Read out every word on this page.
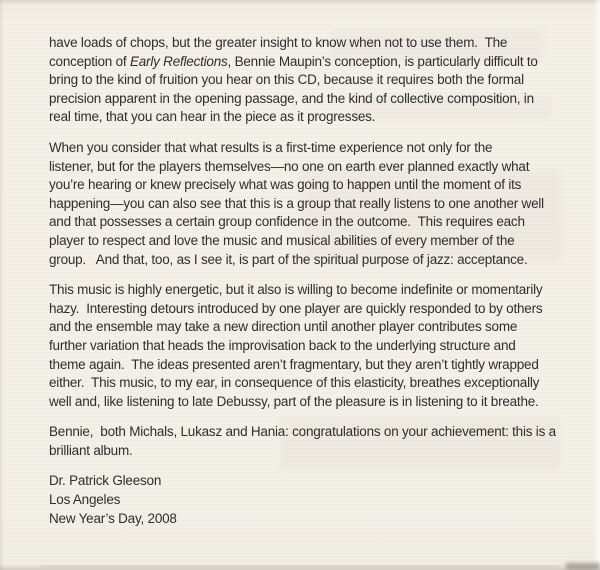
have loads of chops, but the greater insight to know when not to use them.  The
conception of Early Reflections, Bennie Maupin’s conception, is particularly difficult to
bring to the kind of fruition you hear on this CD, because it requires both the formal
precision apparent in the opening passage, and the kind of collective composition, in
real time, that you can hear in the piece as it progresses.
When you consider that what results is a first-time experience not only for the
listener, but for the players themselves—no one on earth ever planned exactly what
you’re hearing or knew precisely what was going to happen until the moment of its
happening—you can also see that this is a group that really listens to one another well
and that possesses a certain group confidence in the outcome.  This requires each
player to respect and love the music and musical abilities of every member of the
group.   And that, too, as I see it, is part of the spiritual purpose of jazz: acceptance.
This music is highly energetic, but it also is willing to become indefinite or momentarily
hazy.  Interesting detours introduced by one player are quickly responded to by others
and the ensemble may take a new direction until another player contributes some
further variation that heads the improvisation back to the underlying structure and
theme again.  The ideas presented aren’t fragmentary, but they aren’t tightly wrapped
either.  This music, to my ear, in consequence of this elasticity, breathes exceptionally
well and, like listening to late Debussy, part of the pleasure is in listening to it breathe.
Bennie,  both Michals, Lukasz and Hania: congratulations on your achievement: this is a
brilliant album.
Dr. Patrick Gleeson
Los Angeles
New Year’s Day, 2008
